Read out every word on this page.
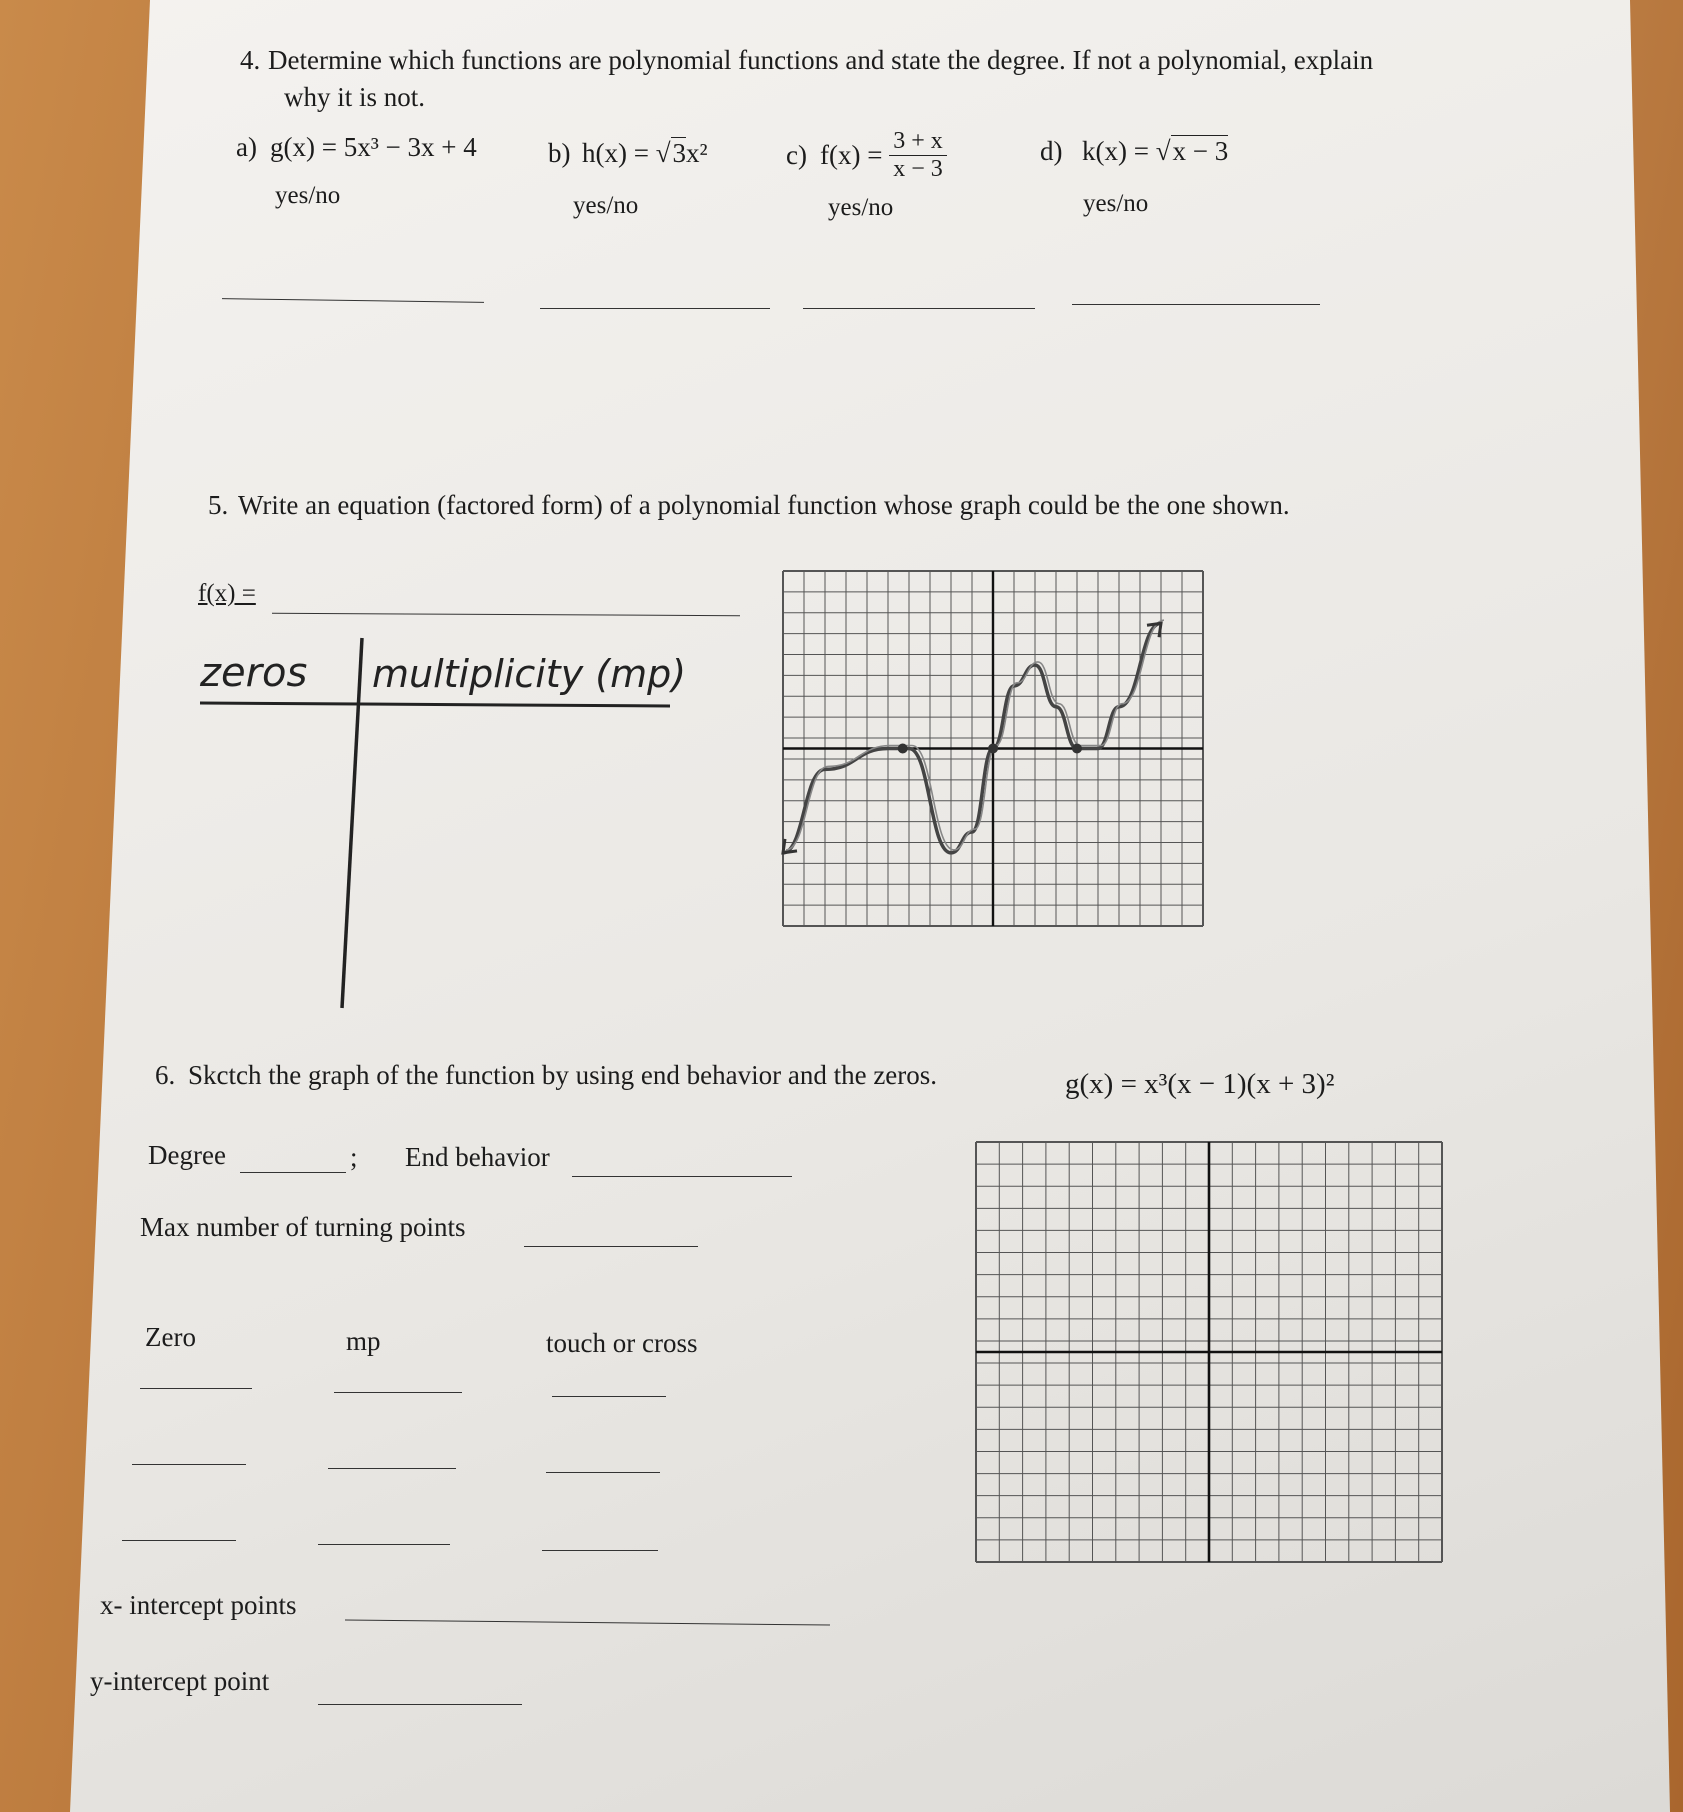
4. Determine which functions are polynomial functions and state the degree. If not a polynomial, explain
why it is not.
a) g(x) = 5x³ − 3x + 4	b) h(x) = √3x²	c) $f(x) = \frac{3 + x}{x - 3}$	d) k(x) = √x − 3
yes/no	yes/no	yes/no	yes/no
5. Write an equation (factored form) of a polynomial function whose graph could be the one shown.
f(x) =
zeros multiplicity (mp)
6. Skctch the graph of the function by using end behavior and the zeros.	g(x) = x³(x − 1)(x + 3)²
Degree	; End behavior
Max number of turning points
Zero	mp	touch or cross
x- intercept points
y-intercept point
